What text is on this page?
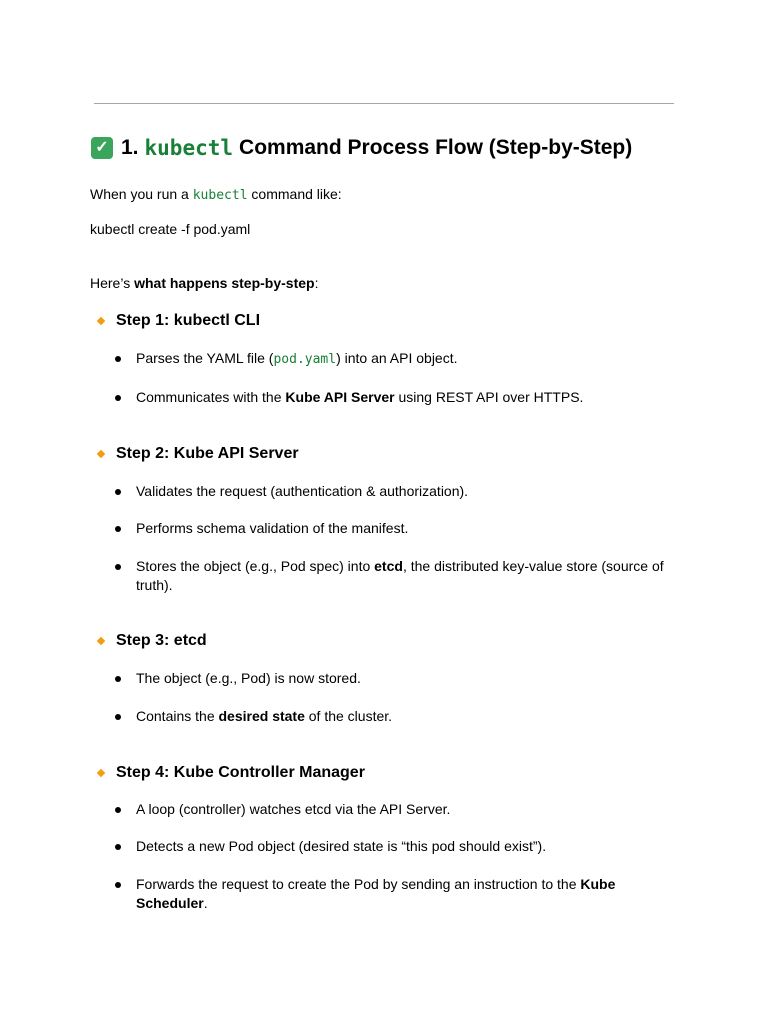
✓ 1. kubectl Command Process Flow (Step-by-Step)
When you run a kubectl command like:
kubectl create -f pod.yaml
Here’s what happens step-by-step:
Step 1: kubectl CLI
Parses the YAML file (pod.yaml) into an API object.
Communicates with the Kube API Server using REST API over HTTPS.
Step 2: Kube API Server
Validates the request (authentication & authorization).
Performs schema validation of the manifest.
Stores the object (e.g., Pod spec) into etcd, the distributed key-value store (source of truth).
Step 3: etcd
The object (e.g., Pod) is now stored.
Contains the desired state of the cluster.
Step 4: Kube Controller Manager
A loop (controller) watches etcd via the API Server.
Detects a new Pod object (desired state is “this pod should exist”).
Forwards the request to create the Pod by sending an instruction to the Kube Scheduler.
